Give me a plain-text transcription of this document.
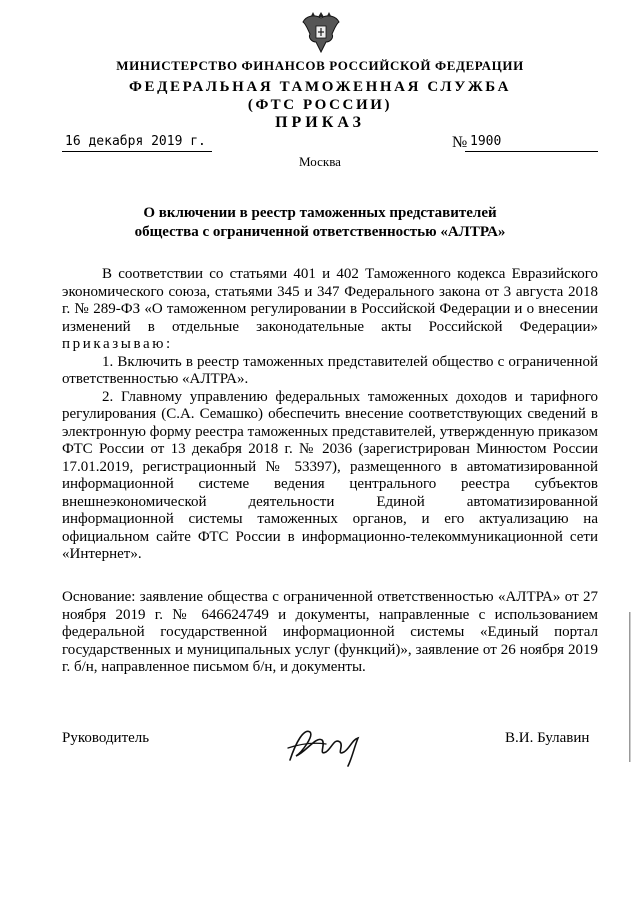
МИНИСТЕРСТВО ФИНАНСОВ РОССИЙСКОЙ ФЕДЕРАЦИИ
ФЕДЕРАЛЬНАЯ ТАМОЖЕННАЯ СЛУЖБА
(ФТС РОССИИ)
ПРИКАЗ
16 декабря 2019 г.	№ 1900
Москва
О включении в реестр таможенных представителей
общества с ограниченной ответственностью «АЛТРА»

В соответствии со статьями 401 и 402 Таможенного кодекса Евразийского экономического союза, статьями 345 и 347 Федерального закона от 3 августа 2018 г. № 289-ФЗ «О таможенном регулировании в Российской Федерации и о внесении изменений в отдельные законодательные акты Российской Федерации» приказываю:

1. Включить в реестр таможенных представителей общество с ограниченной ответственностью «АЛТРА».

2. Главному управлению федеральных таможенных доходов и тарифного регулирования (С.А. Семашко) обеспечить внесение соответствующих сведений в электронную форму реестра таможенных представителей, утвержденную приказом ФТС России от 13 декабря 2018 г. № 2036 (зарегистрирован Минюстом России 17.01.2019, регистрационный № 53397), размещенного в автоматизированной информационной системе ведения центрального реестра субъектов внешнеэкономической деятельности Единой автоматизированной информационной системы таможенных органов, и его актуализацию на официальном сайте ФТС России в информационно-телекоммуникационной сети «Интернет».

Основание: заявление общества с ограниченной ответственностью «АЛТРА» от 27 ноября 2019 г. № 646624749 и документы, направленные с использованием федеральной государственной информационной системы «Единый портал государственных и муниципальных услуг (функций)», заявление от 26 ноября 2019 г. б/н, направленное письмом б/н, и документы.
Руководитель	В.И. Булавин
